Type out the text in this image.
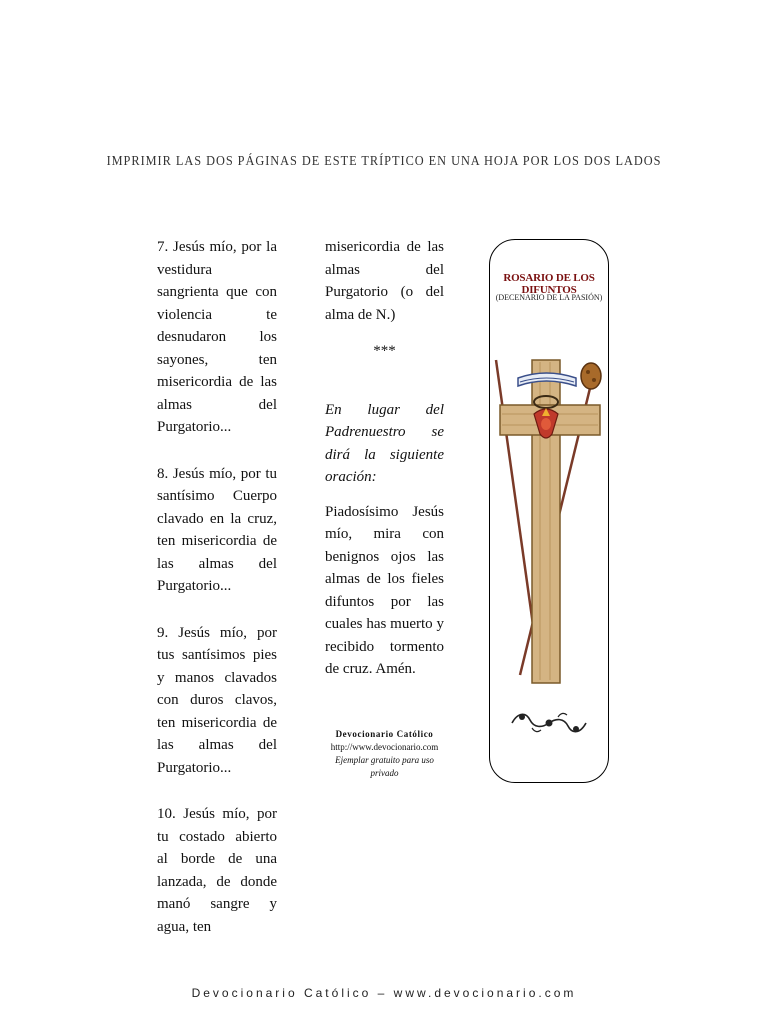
IMPRIMIR LAS DOS PÁGINAS DE ESTE TRÍPTICO EN UNA HOJA POR LOS DOS LADOS

7. Jesús mío, por la vestidura sangrienta que con violencia te desnudaron los sayones, ten misericordia de las almas del Purgatorio...

8. Jesús mío, por tu santísimo Cuerpo clavado en la cruz, ten misericordia de las almas del Purgatorio...

9. Jesús mío, por tus santísimos pies y manos clavados con duros clavos, ten misericordia de las almas del Purgatorio...

10. Jesús mío, por tu costado abierto al borde de una lanzada, de donde manó sangre y agua, ten

misericordia de las almas del Purgatorio (o del alma de N.)

***

En lugar del Padrenuestro se dirá la siguiente oración:

Piadosísimo Jesús mío, mira con benignos ojos las almas de los fieles difuntos por las cuales has muerto y recibido tormento de cruz. Amén.

Devocionario Católico
http://www.devocionario.com
Ejemplar gratuito para uso privado
ROSARIO DE LOS DIFUNTOS
(DECENARIO DE LA PASIÓN)
Devocionario Católico – www.devocionario.com
